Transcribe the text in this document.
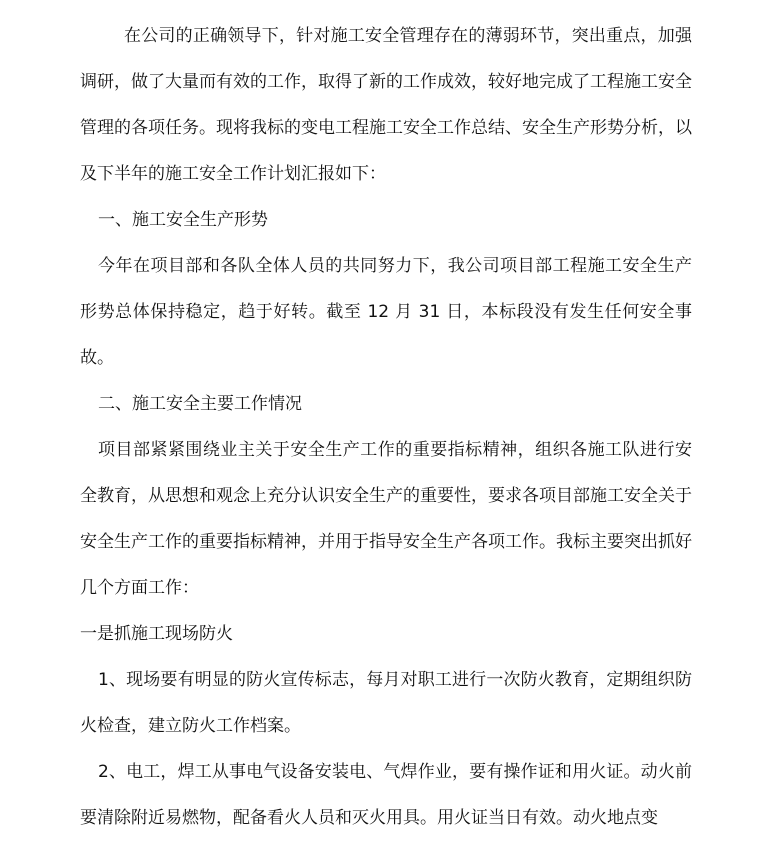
在公司的正确领导下，针对施工安全管理存在的薄弱环节，突出重点，加强调研，做了大量而有效的工作，取得了新的工作成效，较好地完成了工程施工安全管理的各项任务。现将我标的变电工程施工安全工作总结、安全生产形势分析，以及下半年的施工安全工作计划汇报如下：

一、施工安全生产形势

今年在项目部和各队全体人员的共同努力下，我公司项目部工程施工安全生产形势总体保持稳定，趋于好转。截至 12 月 31 日，本标段没有发生任何安全事故。

二、施工安全主要工作情况

项目部紧紧围绕业主关于安全生产工作的重要指标精神，组织各施工队进行安全教育，从思想和观念上充分认识安全生产的重要性，要求各项目部施工安全关于安全生产工作的重要指标精神，并用于指导安全生产各项工作。我标主要突出抓好几个方面工作：

一是抓施工现场防火

1、现场要有明显的防火宣传标志，每月对职工进行一次防火教育，定期组织防火检查，建立防火工作档案。

2、电工，焊工从事电气设备安装电、气焊作业，要有操作证和用火证。动火前要清除附近易燃物，配备看火人员和灭火用具。用火证当日有效。动火地点变
